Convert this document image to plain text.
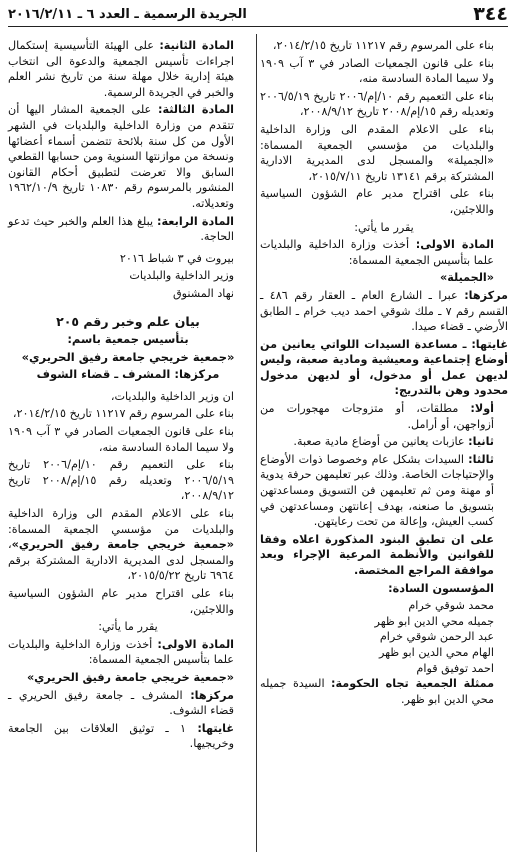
٣٤٤
الجريدة الرسمية ـ العدد ٦ ـ ٢٠١٦/٢/١١

بناء على المرسوم رقم ١١٢١٧ تاريخ ٢٠١٤/٢/١٥،

بناء على قانون الجمعيات الصادر في ٣ آب ١٩٠٩ ولا سيما المادة السادسة منه،

بناء على التعميم رقم ١٠/إم/٢٠٠٦ تاريخ ٢٠٠٦/٥/١٩ وتعديله رقم ١٥/إم/٢٠٠٨ تاريخ ٢٠٠٨/٩/١٢،

بناء على الاعلام المقدم الى وزارة الداخلية والبلديات من مؤسسي الجمعية المسماة: «الجميلة» والمسجل لدى المديرية الادارية المشتركة برقم ١٣١٤١ تاريخ ٢٠١٥/٧/١١،

بناء على اقتراح مدير عام الشؤون السياسية واللاجئين،

يقرر ما يأتي:

المادة الاولى: أخذت وزارة الداخلية والبلديات علما بتأسيس الجمعية المسماة:

«الجميلة»

مركزها: عبرا ـ الشارع العام ـ العقار رقم ٤٨٦ ـ القسم رقم ٧ ـ ملك شوقي احمد ديب خرام ـ الطابق الأرضي ـ قضاء صيدا.

غايتها: ـ مساعدة السيدات اللواتي يعانين من أوضاع إجتماعية ومعيشية ومادية صعبة، وليس لديهن عمل أو مدخول، أو لديهن مدخول محدود وهن بالتدريج:

أولا: مطلقات، أو متزوجات مهجورات من أزواجهن، أو أرامل.

ثانيا: عازبات يعانين من أوضاع مادية صعبة.

ثالثا: السيدات بشكل عام وخصوصا ذوات الأوضاع والإحتياجات الخاصة. وذلك عبر تعليمهن حرفة يدوية أو مهنة ومن ثم تعليمهن فن التسويق ومساعدتهن بتسويق ما صنعنه، بهدف إعانتهن ومساعدتهن في كسب العيش، وإعالة من تحت رعايتهن.

على ان تطبق البنود المذكورة اعلاه وفقا للقوانين والأنظمة المرعية الإجراء وبعد موافقة المراجع المختصة.

المؤسسون السادة:

محمد شوقي خرام

جميله محي الدين ابو ظهر

عبد الرحمن شوقي خرام

الهام محي الدين ابو ظهر

احمد توفيق قوام

ممثلة الجمعية تجاه الحكومة: السيدة جميله محي الدين ابو ظهر.

المادة الثانية: على الهيئة التأسيسية إستكمال اجراءات تأسيس الجمعية والدعوة الى انتخاب هيئة إدارية خلال مهلة سنة من تاريخ نشر العلم والخبر في الجريدة الرسمية.

المادة الثالثة: على الجمعية المشار اليها أن تتقدم من وزارة الداخلية والبلديات في الشهر الأول من كل سنة بلائحة تتضمن أسماء أعضائها ونسخة من موازنتها السنوية ومن حسابها القطعي السابق والا تعرضت لتطبيق أحكام القانون المنشور بالمرسوم رقم ١٠٨٣٠ تاريخ ١٩٦٢/١٠/٩ وتعديلاته.

المادة الرابعة: يبلغ هذا العلم والخبر حيث تدعو الحاجة.

بيروت في ٣ شباط ٢٠١٦

وزير الداخلية والبلديات

نهاد المشنوق

بيان علم وخبر رقم ٢٠٥

بتأسيس جمعية باسم:

«جمعية خريجي جامعة رفيق الحريري»

مركزها: المشرف ـ قضاء الشوف

ان وزير الداخلية والبلديات،

بناء على المرسوم رقم ١١٢١٧ تاريخ ٢٠١٤/٢/١٥،

بناء على قانون الجمعيات الصادر في ٣ آب ١٩٠٩ ولا سيما المادة السادسة منه،

بناء على التعميم رقم ١٠/إم/٢٠٠٦ تاريخ ٢٠٠٦/٥/١٩ وتعديله رقم ١٥/إم/٢٠٠٨ تاريخ ٢٠٠٨/٩/١٢،

بناء على الاعلام المقدم الى وزارة الداخلية والبلديات من مؤسسي الجمعية المسماة: «جمعية خريجي جامعة رفيق الحريري»، والمسجل لدى المديرية الادارية المشتركة برقم ٦٩٦٤ تاريخ ٢٠١٥/٥/٢٢،

بناء على اقتراح مدير عام الشؤون السياسية واللاجئين،

يقرر ما يأتي:

المادة الاولى: أخذت وزارة الداخلية والبلديات علما بتأسيس الجمعية المسماة:

«جمعية خريجي جامعة رفيق الحريري»

مركزها: المشرف ـ جامعة رفيق الحريري ـ قضاء الشوف.

غايتها: ١ ـ توثيق العلاقات بين الجامعة وخريجيها.
